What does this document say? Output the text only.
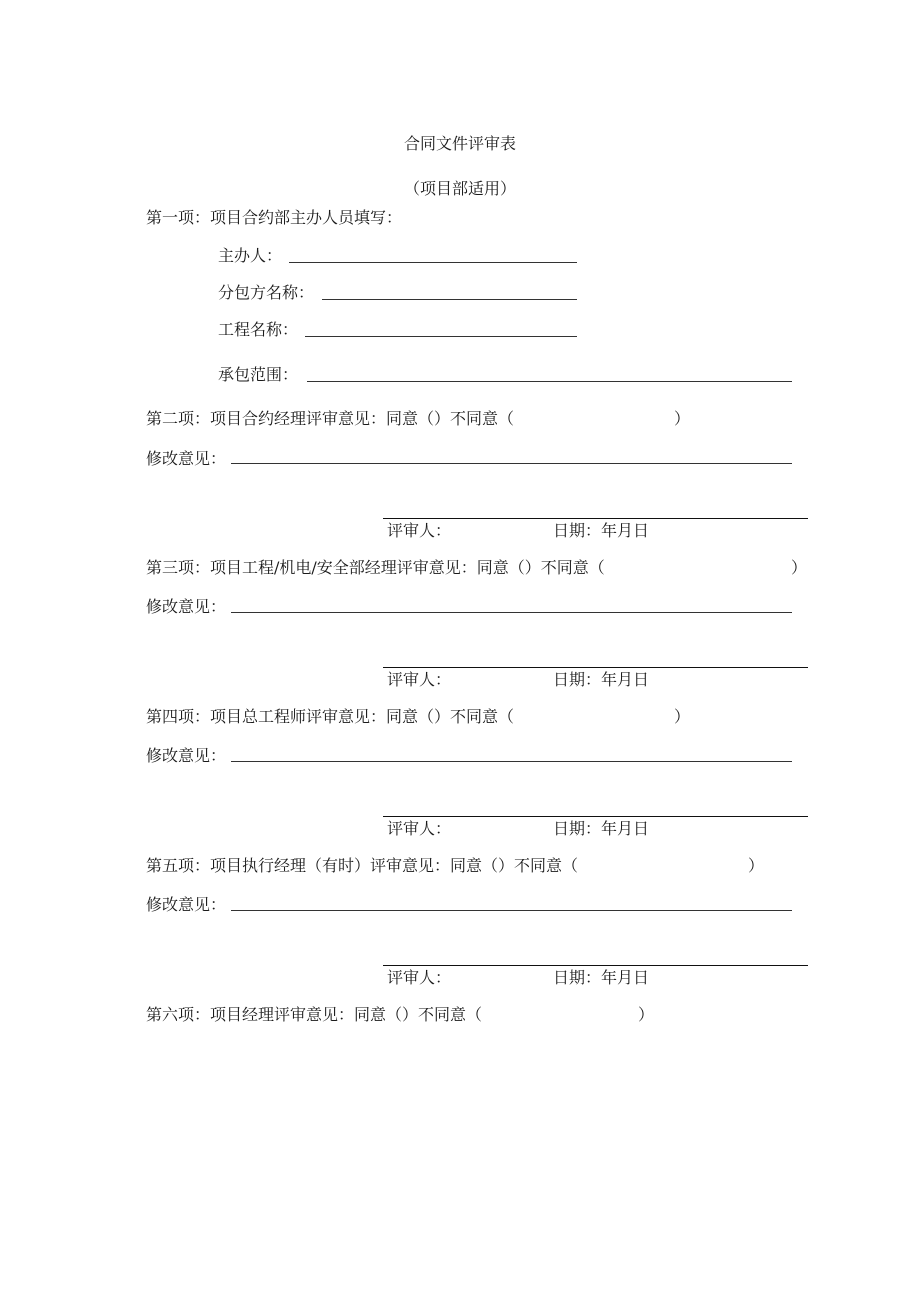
合同文件评审表
（项目部适用）
第一项：项目合约部主办人员填写：
主办人：
分包方名称：
工程名称：
承包范围：
第二项：项目合约经理评审意见：同意（）不同意（	）
修改意见：
评审人：	日期：年月日
第三项：项目工程/机电/安全部经理评审意见：同意（）不同意（	）
修改意见：
评审人：	日期：年月日
第四项：项目总工程师评审意见：同意（）不同意（	）
修改意见：
评审人：	日期：年月日
第五项：项目执行经理（有时）评审意见：同意（）不同意（	）
修改意见：
评审人：	日期：年月日
第六项：项目经理评审意见：同意（）不同意（	）
